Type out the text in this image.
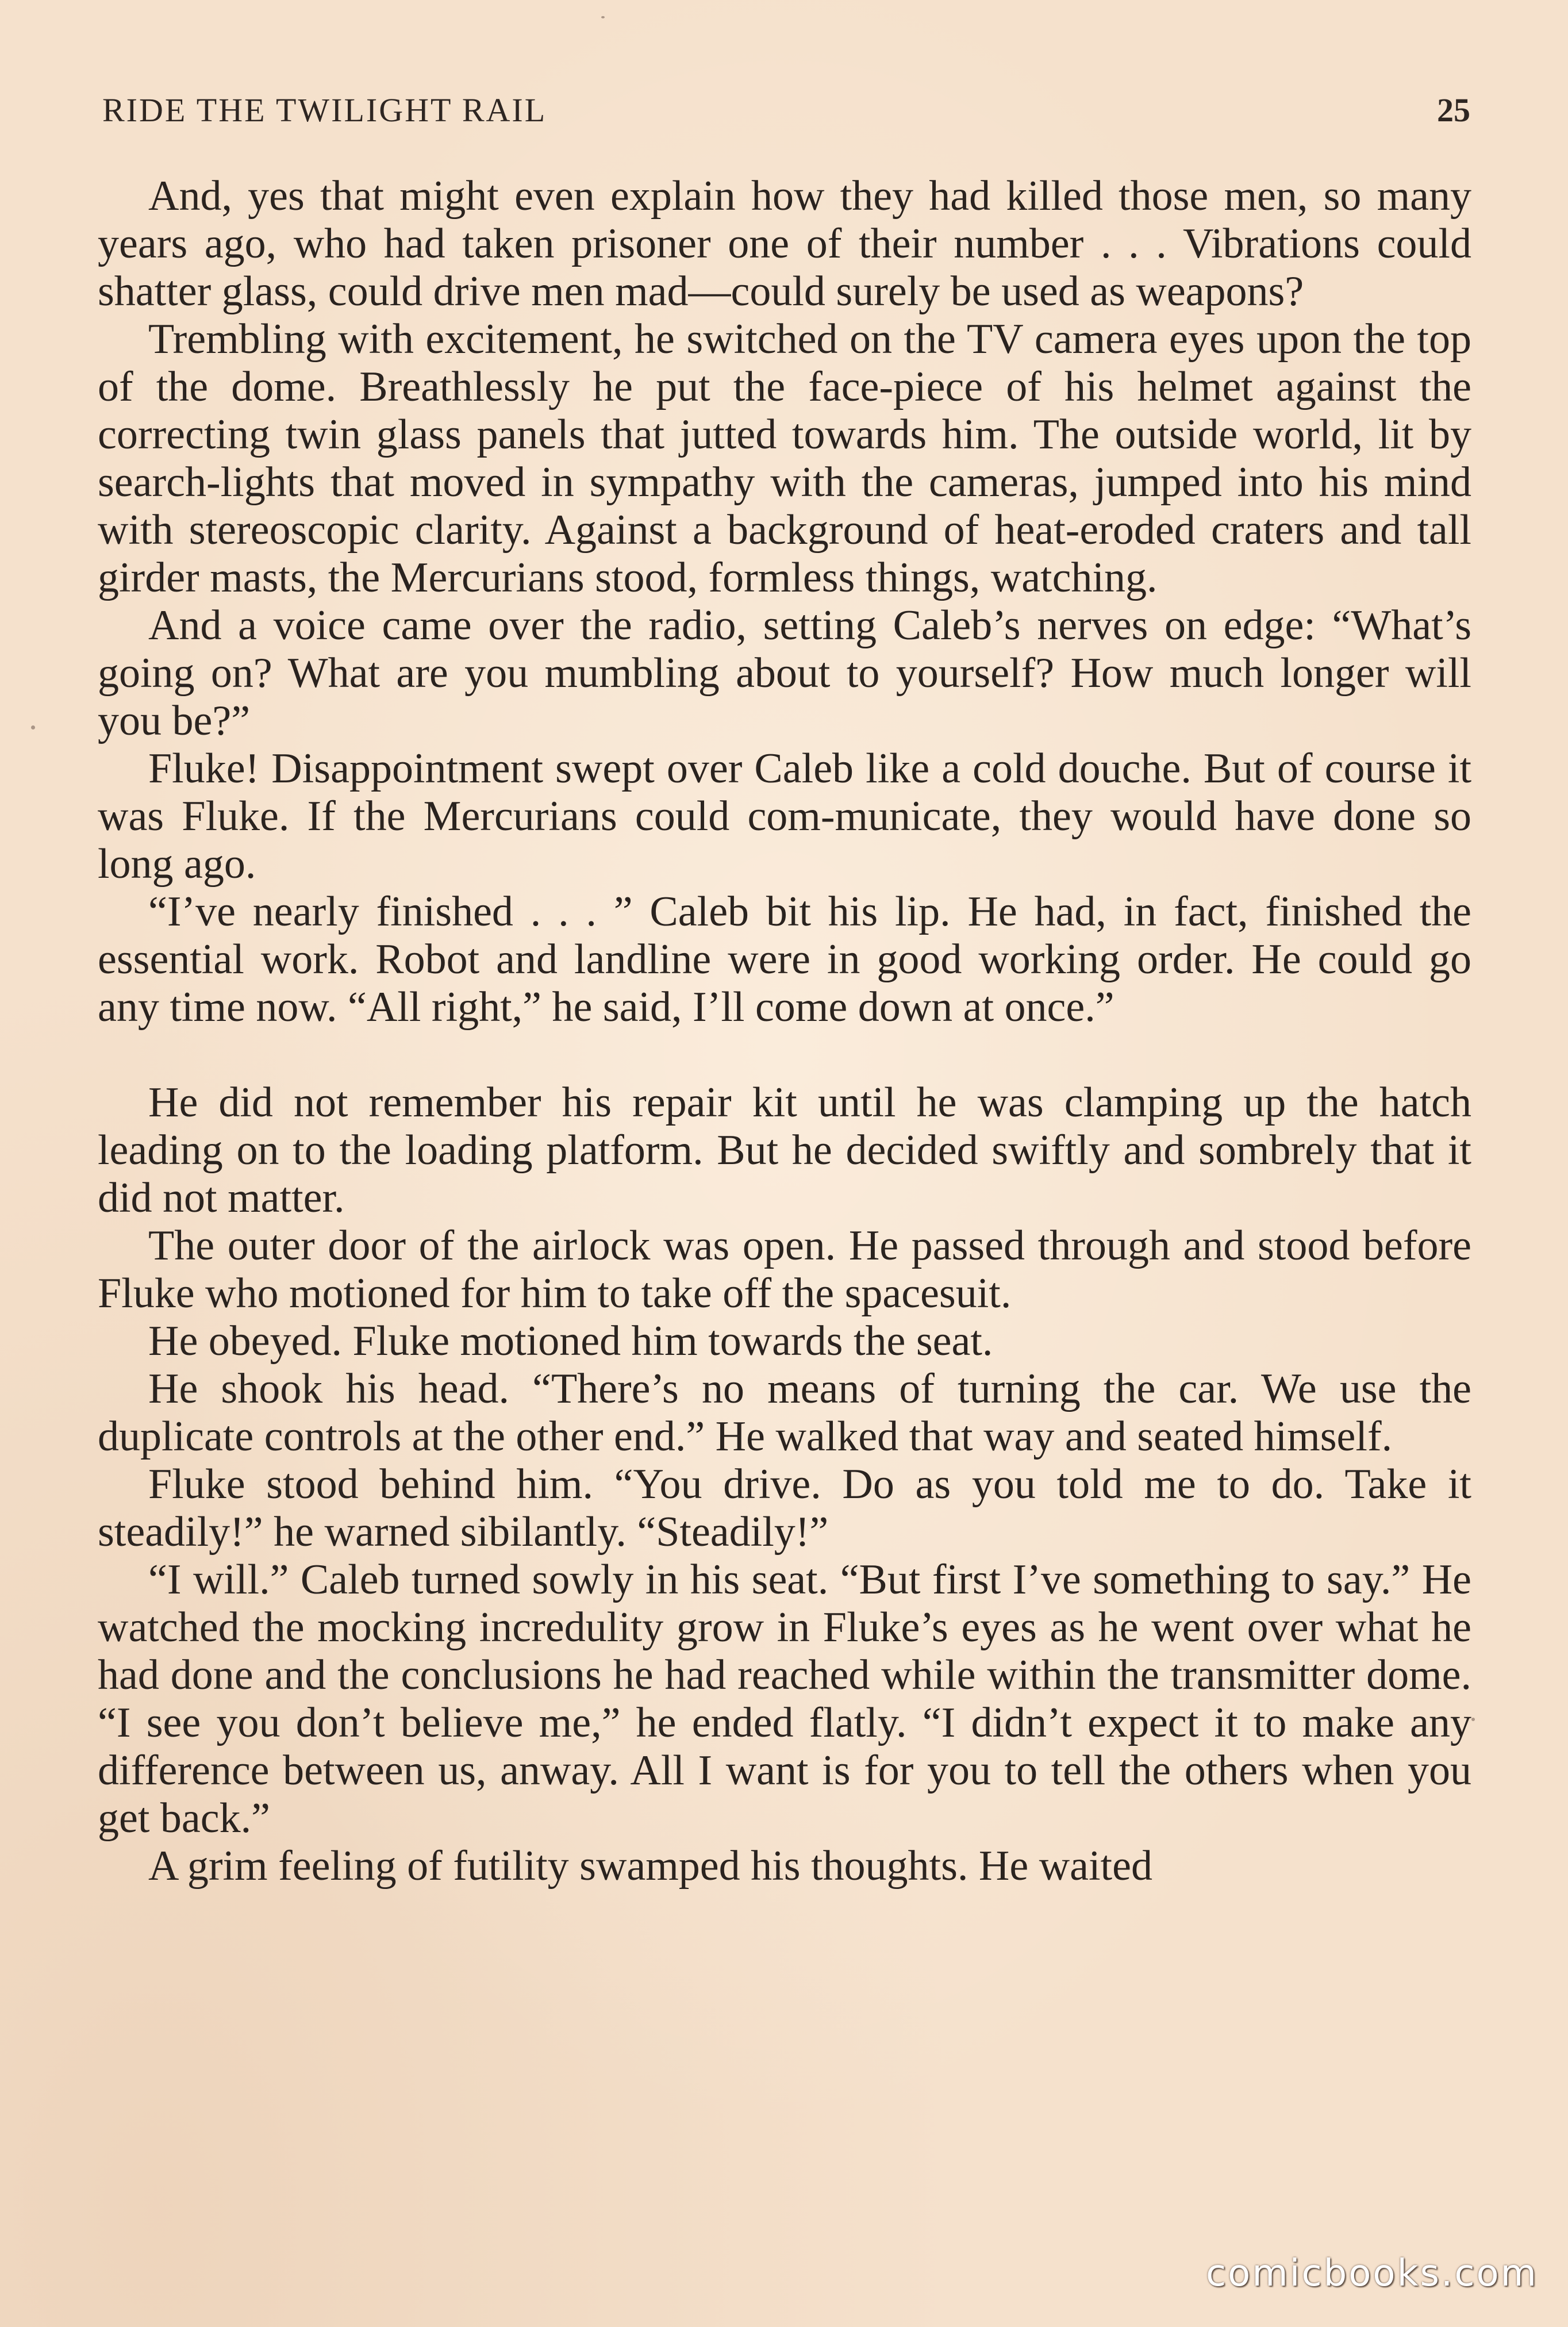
RIDE THE TWILIGHT RAIL	25

And, yes that might even explain how they had killed those men, so many years ago, who had taken prisoner one of their number . . . Vibrations could shatter glass, could drive men mad—could surely be used as weapons?

Trembling with excitement, he switched on the TV camera eyes upon the top of the dome. Breathlessly he put the face-piece of his helmet against the correcting twin glass panels that jutted towards him. The outside world, lit by search-lights that moved in sympathy with the cameras, jumped into his mind with stereoscopic clarity. Against a background of heat-eroded craters and tall girder masts, the Mercurians stood, formless things, watching.

And a voice came over the radio, setting Caleb’s nerves on edge: “What’s going on? What are you mumbling about to yourself? How much longer will you be?”

Fluke! Disappointment swept over Caleb like a cold douche. But of course it was Fluke. If the Mercurians could com-municate, they would have done so long ago.

“I’ve nearly finished . . . ” Caleb bit his lip. He had, in fact, finished the essential work. Robot and landline were in good working order. He could go any time now. “All right,” he said, I’ll come down at once.”

He did not remember his repair kit until he was clamping up the hatch leading on to the loading platform. But he decided swiftly and sombrely that it did not matter.

The outer door of the airlock was open. He passed through and stood before Fluke who motioned for him to take off the spacesuit.

He obeyed. Fluke motioned him towards the seat.

He shook his head. “There’s no means of turning the car. We use the duplicate controls at the other end.” He walked that way and seated himself.

Fluke stood behind him. “You drive. Do as you told me to do. Take it steadily!” he warned sibilantly. “Steadily!”

“I will.” Caleb turned sowly in his seat. “But first I’ve something to say.” He watched the mocking incredulity grow in Fluke’s eyes as he went over what he had done and the conclusions he had reached while within the transmitter dome. “I see you don’t believe me,” he ended flatly. “I didn’t expect it to make any difference between us, anway. All I want is for you to tell the others when you get back.”

A grim feeling of futility swamped his thoughts. He waited

comicbooks.com
